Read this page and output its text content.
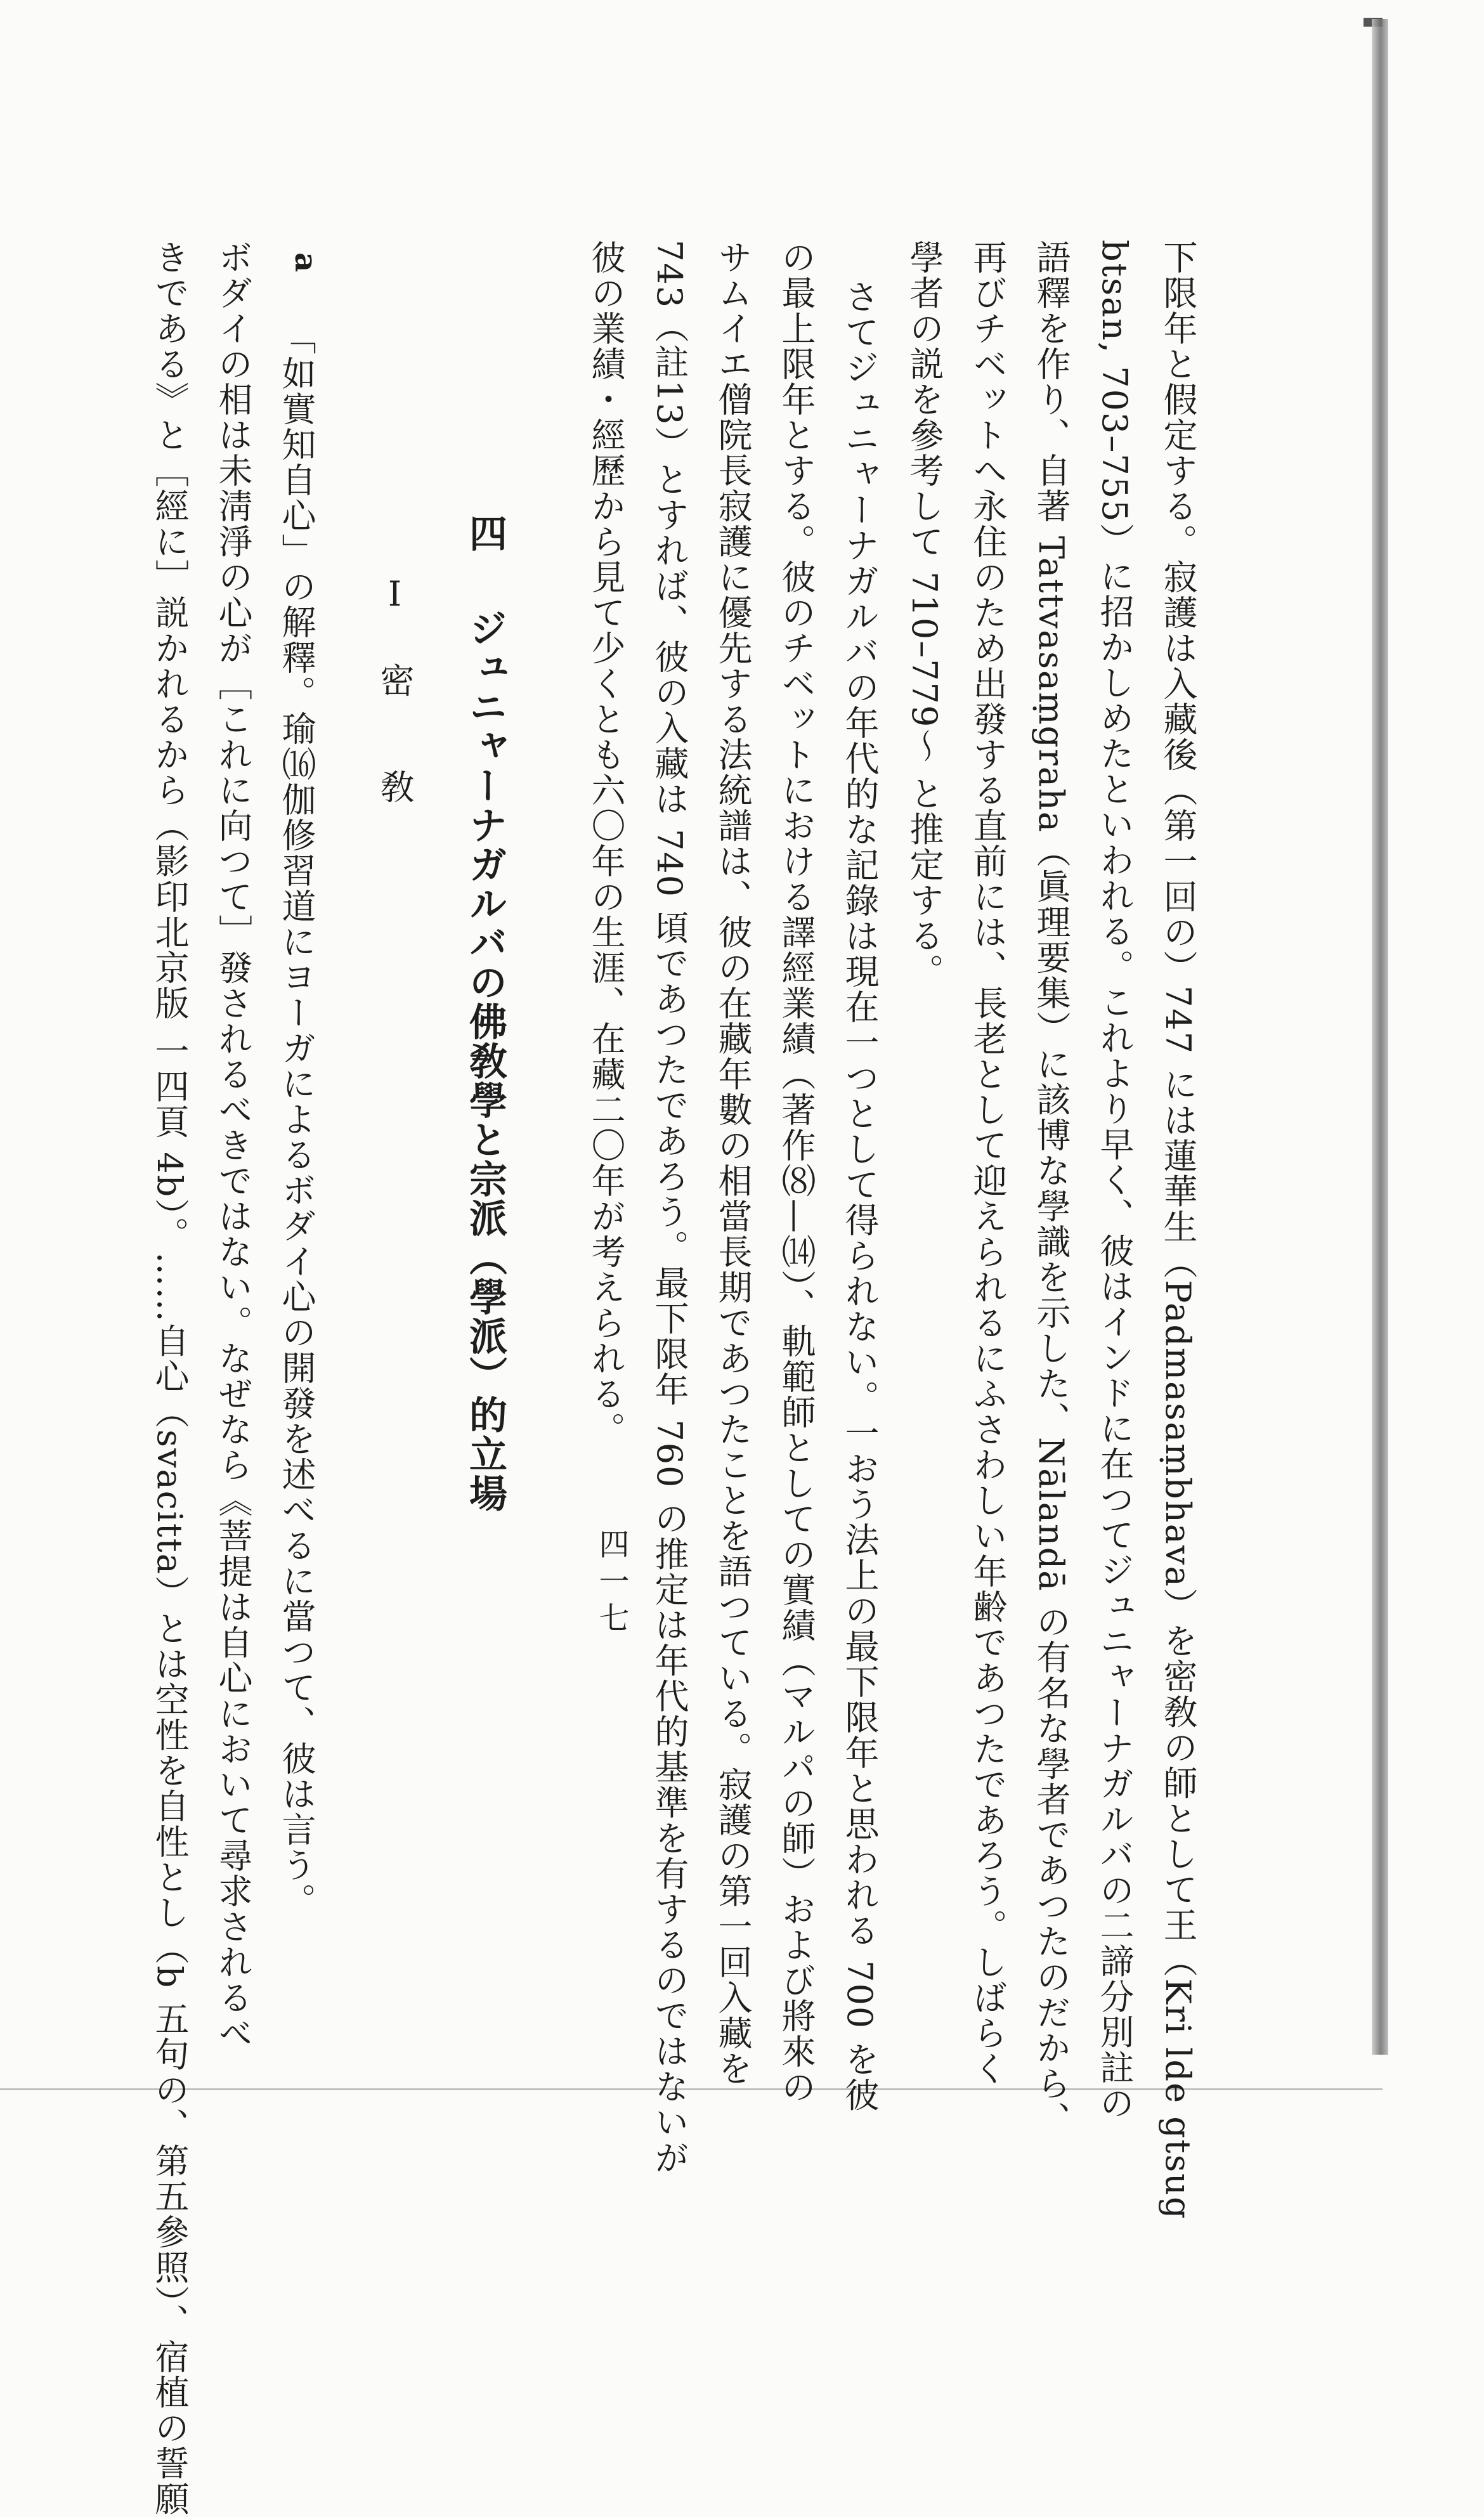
下限年と假定する。寂護は入藏後（第一回の）747 には蓮華生（Padmasaṃbhava）を密敎の師として王（Kri lde gtsug
btsan, 703–755）に招かしめたといわれる。これより早く、彼はインドに在つてジュニャーナガルバの二諦分別註の
語釋を作り、自著 Tattvasaṃgraha（眞理要集）に該博な學識を示した、Nālandā の有名な學者であつたのだから、
再びチベットへ永住のため出發する直前には、長老として迎えられるにふさわしい年齢であつたであろう。しばらく
學者の説を參考して 710–779～ と推定する。
さてジュニャーナガルバの年代的な記錄は現在一つとして得られない。一おう法上の最下限年と思われる 700 を彼
の最上限年とする。彼のチベットにおける譯經業績（著作⑻—⒁）、軌範師としての實績（マルパの師）および將來の
サムイエ僧院長寂護に優先する法統譜は、彼の在藏年數の相當長期であつたことを語つている。寂護の第一回入藏を
743（註13）とすれば、彼の入藏は 740 頃であつたであろう。最下限年 760 の推定は年代的基準を有するのではないが
彼の業績・經歷から見て少くとも六〇年の生涯、在藏二〇年が考えられる。
四
ジュニャーナガルバの佛敎學と宗派（學派）的立場
Ⅰ 密　敎
a
「如實知自心」の解釋。瑜⒃伽修習道にヨーガによるボダイ心の開發を述べるに當つて、彼は言う。
ボダイの相は未淸淨の心が［これに向つて］發されるべきではない。なぜなら《菩提は自心において尋求されるべ
きである》と［經に］説かれるから（影印北京版 一四頁 4b）。……自心（svacitta）とは空性を自性とし（b 五句の、第五參照）、宿植の誓願	四一七
